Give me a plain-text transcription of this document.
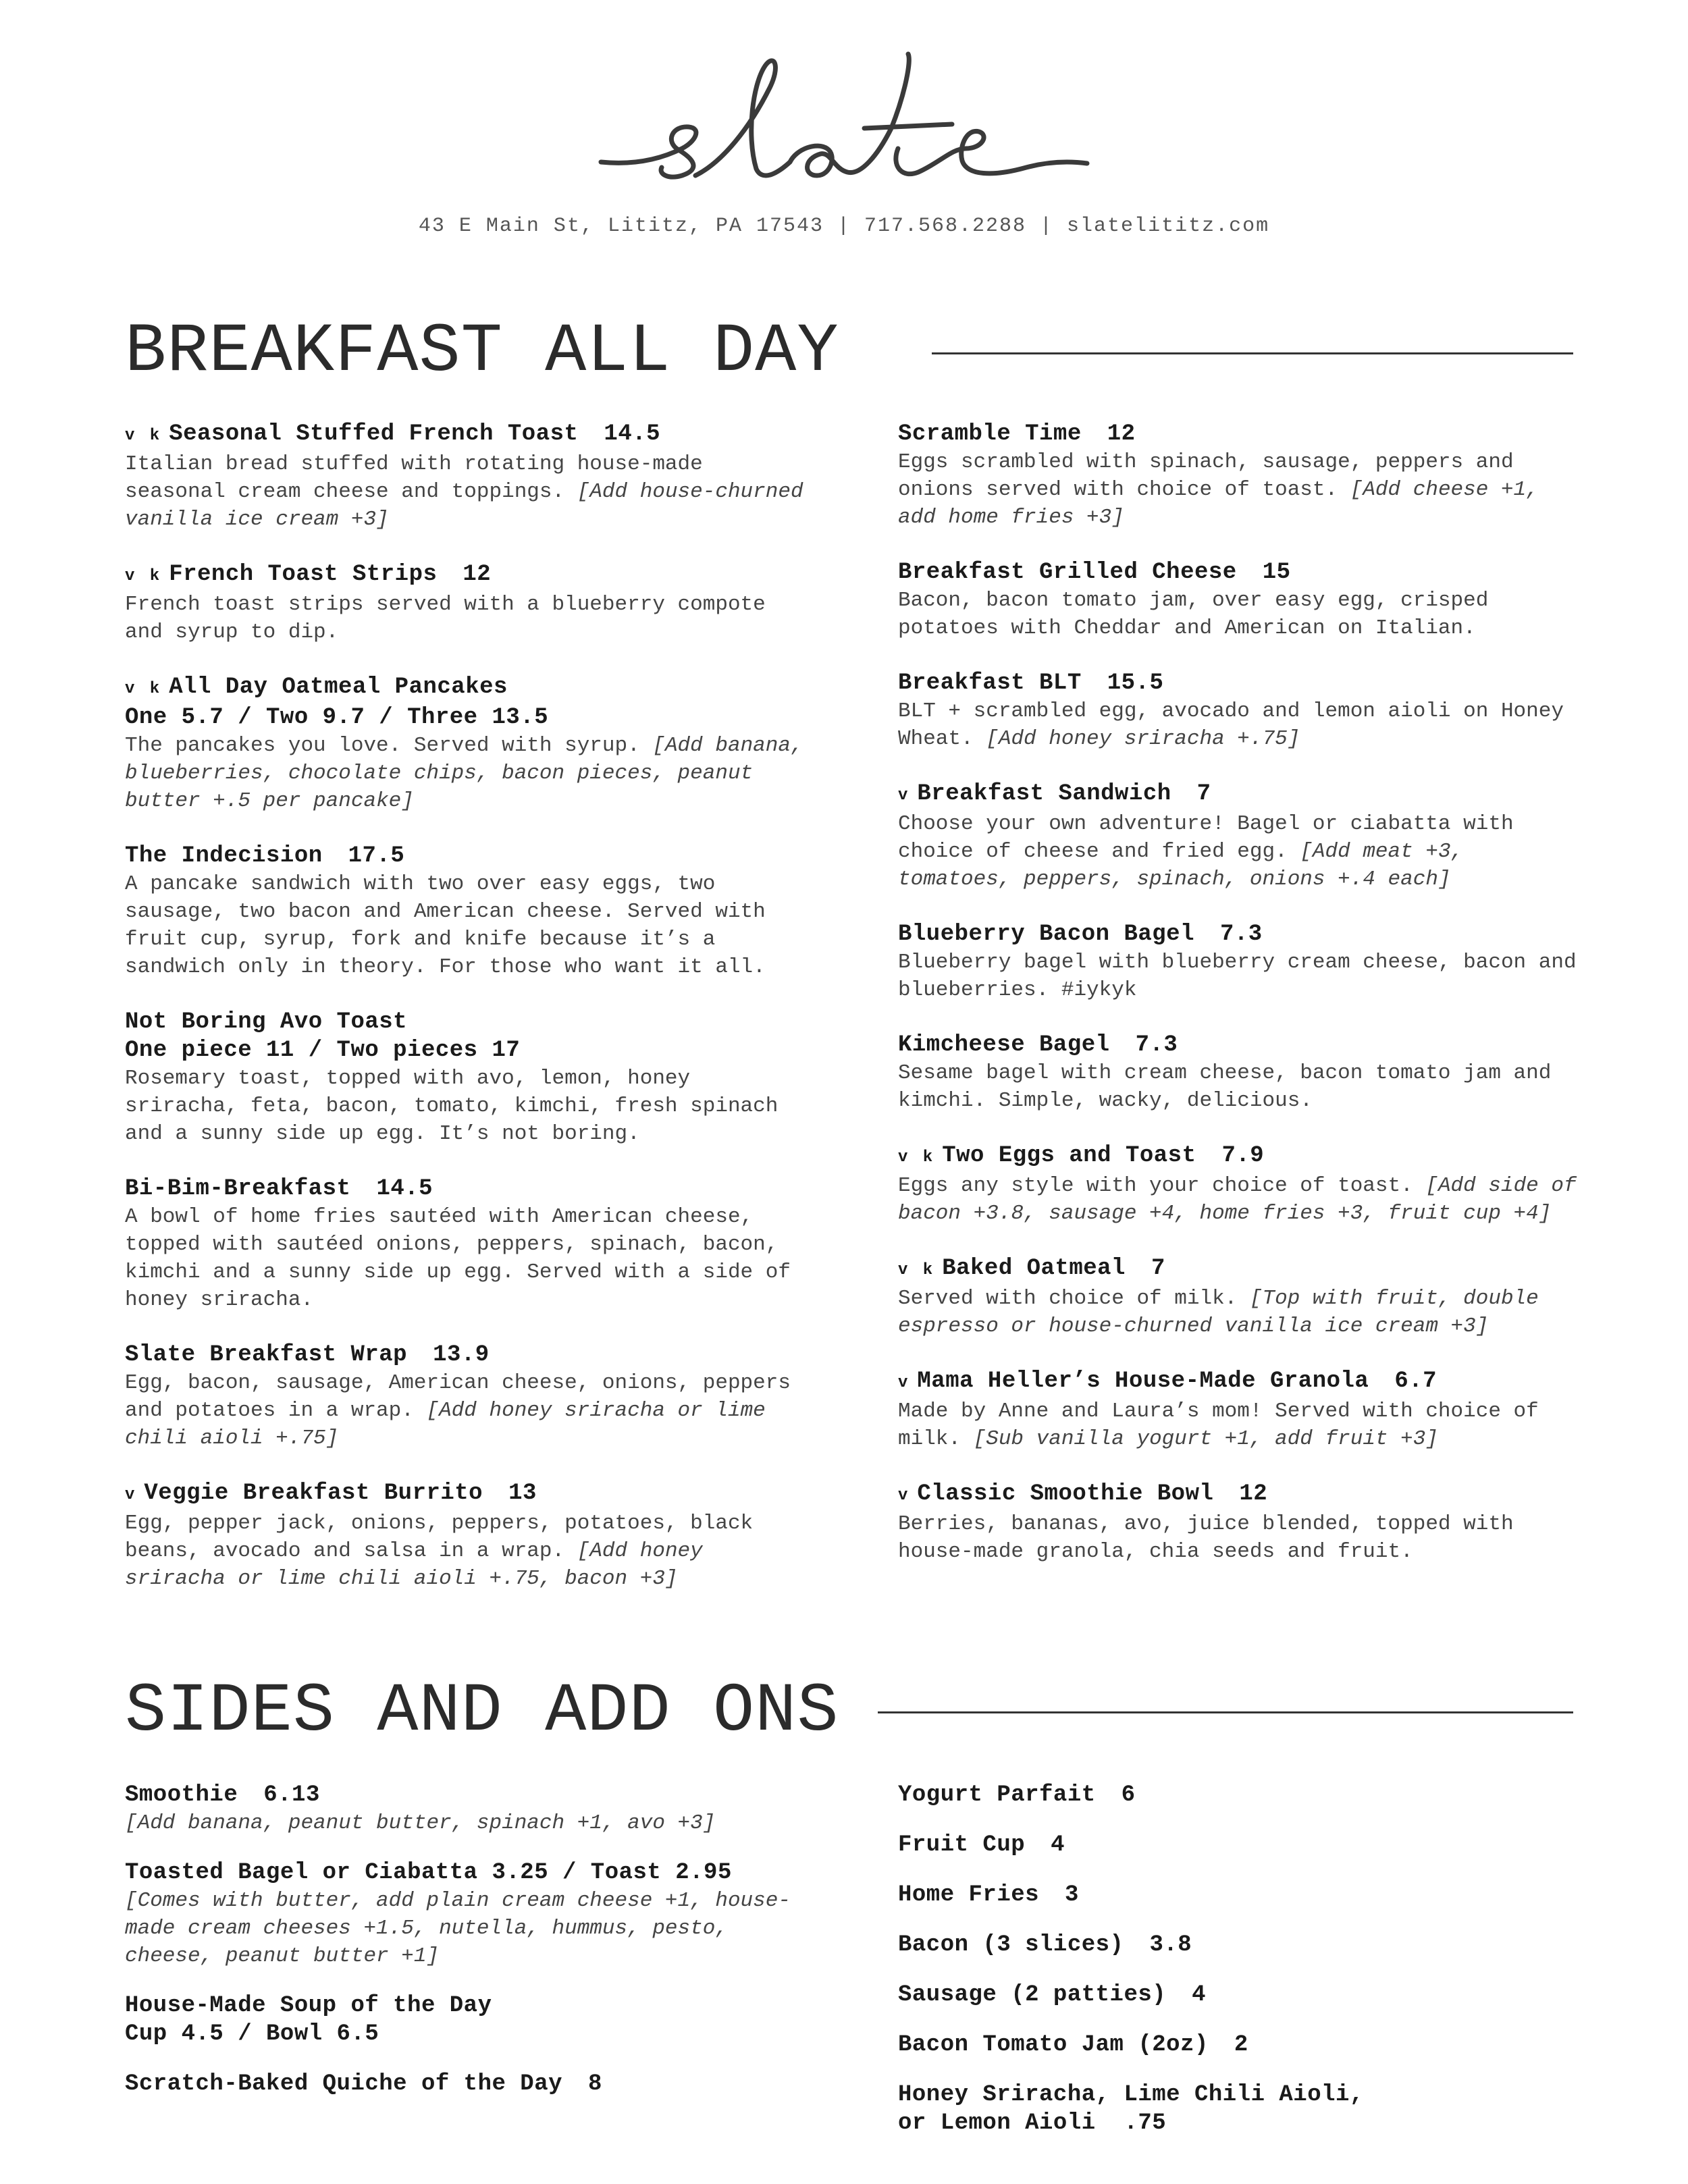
43 E Main St, Lititz, PA 17543 | 717.568.2288 | slatelititz.com
BREAKFAST ALL DAY
v k Seasonal Stuffed French Toast 14.5
Italian bread stuffed with rotating house-made seasonal cream cheese and toppings. [Add house-churned vanilla ice cream +3]
v k French Toast Strips 12
French toast strips served with a blueberry compote and syrup to dip.
v k All Day Oatmeal Pancakes
One 5.7 / Two 9.7 / Three 13.5
The pancakes you love. Served with syrup. [Add banana, blueberries, chocolate chips, bacon pieces, peanut butter +.5 per pancake]
The Indecision 17.5
A pancake sandwich with two over easy eggs, two sausage, two bacon and American cheese. Served with fruit cup, syrup, fork and knife because it’s a sandwich only in theory. For those who want it all.
Not Boring Avo Toast
One piece 11 / Two pieces 17
Rosemary toast, topped with avo, lemon, honey sriracha, feta, bacon, tomato, kimchi, fresh spinach and a sunny side up egg. It’s not boring.
Bi-Bim-Breakfast 14.5
A bowl of home fries sautéed with American cheese, topped with sautéed onions, peppers, spinach, bacon, kimchi and a sunny side up egg. Served with a side of honey sriracha.
Slate Breakfast Wrap 13.9
Egg, bacon, sausage, American cheese, onions, peppers and potatoes in a wrap. [Add honey sriracha or lime chili aioli +.75]
v Veggie Breakfast Burrito 13
Egg, pepper jack, onions, peppers, potatoes, black beans, avocado and salsa in a wrap. [Add honey sriracha or lime chili aioli +.75, bacon +3]
Scramble Time 12
Eggs scrambled with spinach, sausage, peppers and onions served with choice of toast. [Add cheese +1, add home fries +3]
Breakfast Grilled Cheese 15
Bacon, bacon tomato jam, over easy egg, crisped potatoes with Cheddar and American on Italian.
Breakfast BLT 15.5
BLT + scrambled egg, avocado and lemon aioli on Honey Wheat. [Add honey sriracha +.75]
v Breakfast Sandwich 7
Choose your own adventure! Bagel or ciabatta with choice of cheese and fried egg. [Add meat +3, tomatoes, peppers, spinach, onions +.4 each]
Blueberry Bacon Bagel 7.3
Blueberry bagel with blueberry cream cheese, bacon and blueberries. #iykyk
Kimcheese Bagel 7.3
Sesame bagel with cream cheese, bacon tomato jam and kimchi. Simple, wacky, delicious.
v k Two Eggs and Toast 7.9
Eggs any style with your choice of toast. [Add side of bacon +3.8, sausage +4, home fries +3, fruit cup +4]
v k Baked Oatmeal 7
Served with choice of milk. [Top with fruit, double espresso or house-churned vanilla ice cream +3]
v Mama Heller’s House-Made Granola 6.7
Made by Anne and Laura’s mom! Served with choice of milk. [Sub vanilla yogurt +1, add fruit +3]
v Classic Smoothie Bowl 12
Berries, bananas, avo, juice blended, topped with house-made granola, chia seeds and fruit.
SIDES AND ADD ONS
Smoothie 6.13
[Add banana, peanut butter, spinach +1, avo +3]
Toasted Bagel or Ciabatta 3.25 / Toast 2.95
[Comes with butter, add plain cream cheese +1, house-made cream cheeses +1.5, nutella, hummus, pesto, cheese, peanut butter +1]
House-Made Soup of the Day
Cup 4.5 / Bowl 6.5
Scratch-Baked Quiche of the Day 8
Yogurt Parfait 6
Fruit Cup 4
Home Fries 3
Bacon (3 slices) 3.8
Sausage (2 patties) 4
Bacon Tomato Jam (2oz) 2
Honey Sriracha, Lime Chili Aioli,
or Lemon Aioli  .75
